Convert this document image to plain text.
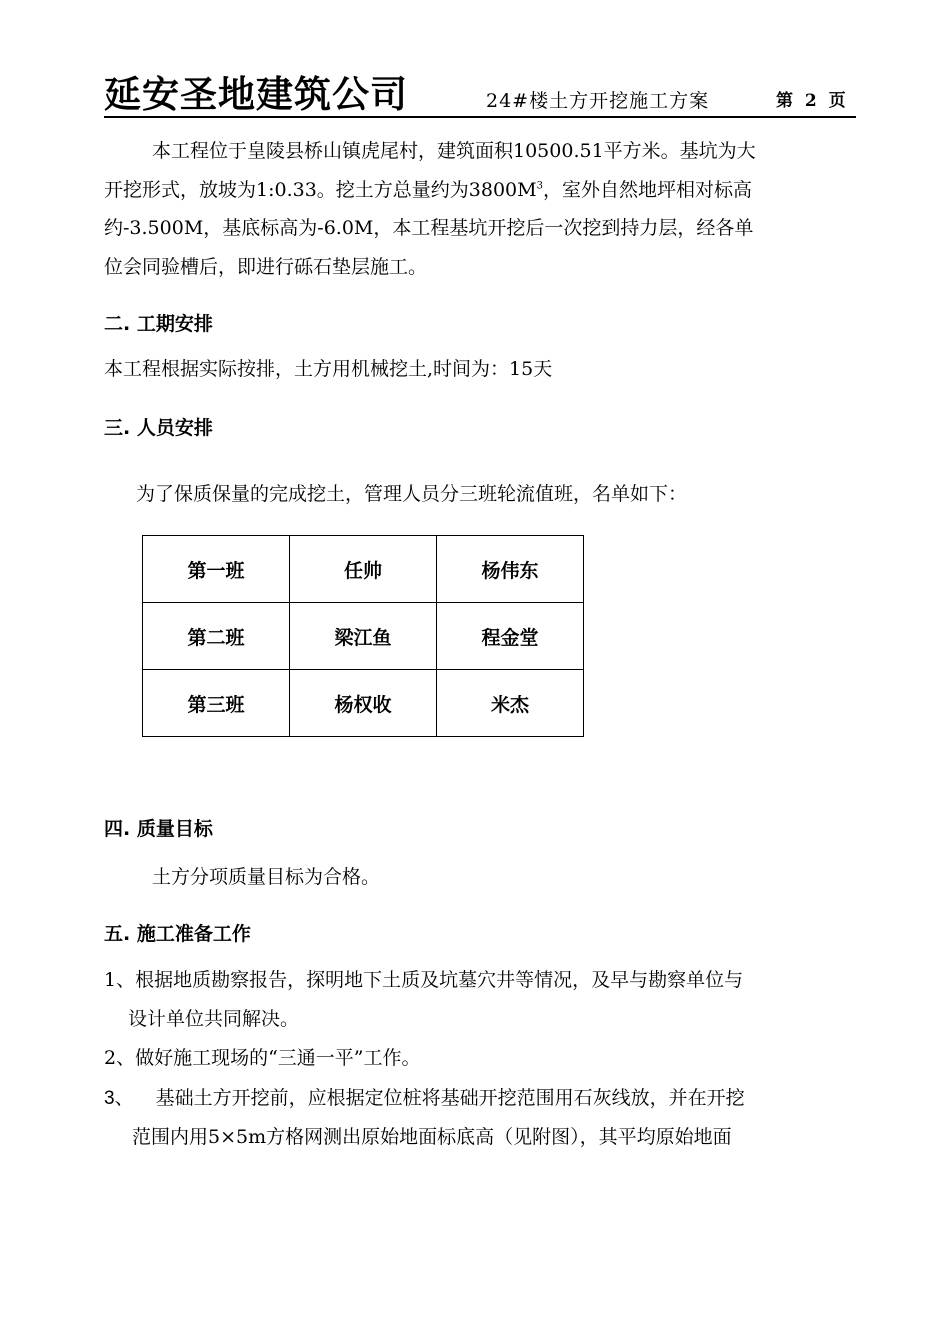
延安圣地建筑公司	24#楼土方开挖施工方案	第 2 页
本工程位于皇陵县桥山镇虎尾村，建筑面积10500.51平方米。基坑为大
开挖形式，放坡为1:0.33。挖土方总量约为$3800M^3$，室外自然地坪相对标高
约-3.500M，基底标高为-6.0M，本工程基坑开挖后一次挖到持力层，经各单
位会同验槽后，即进行砾石垫层施工。
二. 工期安排
本工程根据实际按排，土方用机械挖土,时间为：15天
三. 人员安排
为了保质保量的完成挖土，管理人员分三班轮流值班，名单如下：
第一班	任帅	杨伟东
第二班	梁江鱼	程金堂
第三班	杨权收	米杰
四. 质量目标
土方分项质量目标为合格。
五. 施工准备工作
1、根据地质勘察报告，探明地下土质及坑墓穴井等情况，及早与勘察单位与
设计单位共同解决。
2、做好施工现场的“三通一平”工作。
3、 基础土方开挖前，应根据定位桩将基础开挖范围用石灰线放，并在开挖
范围内用5×5m方格网测出原始地面标底高（见附图），其平均原始地面
